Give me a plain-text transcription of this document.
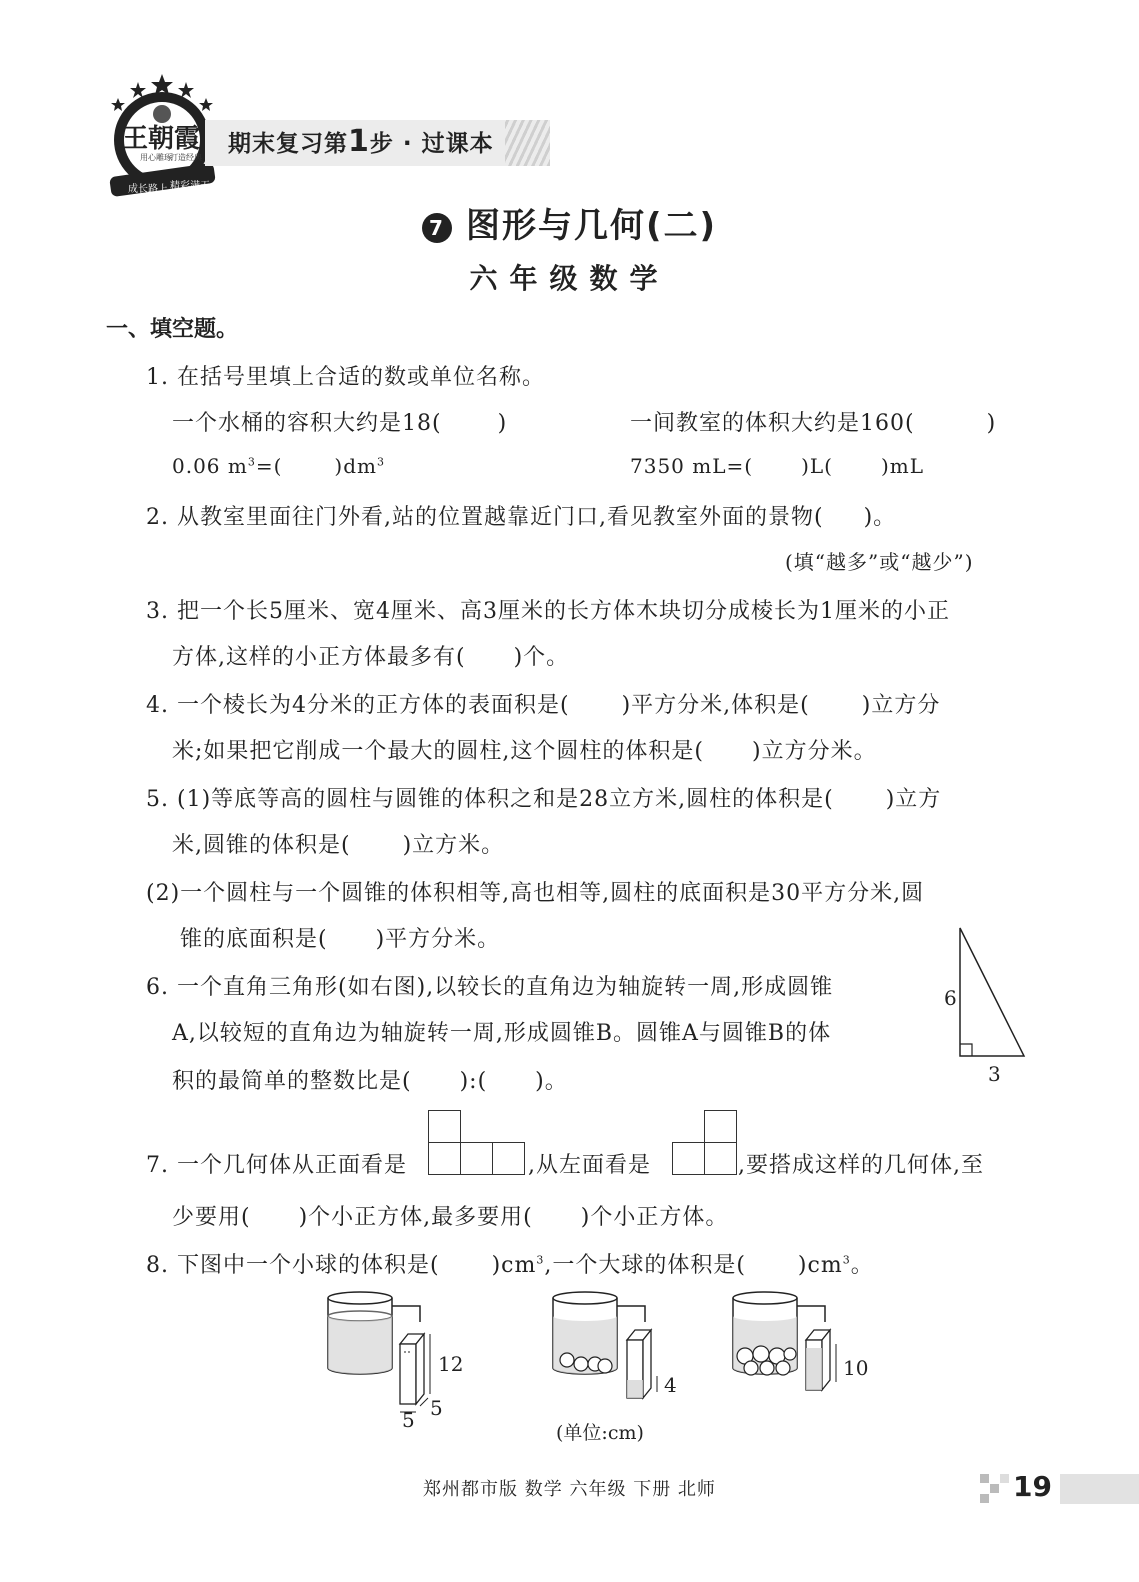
王朝霞
用心雕琢
打造经典
成长路上 精彩满天
期末复习第1步 · 过课本
7 图形与几何(二)
六年级数学
一、填空题。
1. 在括号里填上合适的数或单位名称。
一个水桶的容积大约是18(	)	一间教室的体积大约是160(	)
0.06 $m^3=$(	)$dm^3$	7350 mL=( )L( )mL
2. 从教室里面往门外看,站的位置越靠近门口,看见教室外面的景物( )。
(填“越多”或“越少”)
3. 把一个长5厘米、宽4厘米、高3厘米的长方体木块切分成棱长为1厘米的小正
方体,这样的小正方体最多有( )个。
4. 一个棱长为4分米的正方体的表面积是( )平方分米,体积是( )立方分
米;如果把它削成一个最大的圆柱,这个圆柱的体积是( )立方分米。
5. (1)等底等高的圆柱与圆锥的体积之和是28立方米,圆柱的体积是( )立方
米,圆锥的体积是( )立方米。
(2)一个圆柱与一个圆锥的体积相等,高也相等,圆柱的底面积是30平方分米,圆
锥的底面积是( )平方分米。
6. 一个直角三角形(如右图),以较长的直角边为轴旋转一周,形成圆锥
A,以较短的直角边为轴旋转一周,形成圆锥B。圆锥A与圆锥B的体
积的最简单的整数比是( ):( )。
6
3
7. 一个几何体从正面看是	,从左面看是	,要搭成这样的几何体,至
少要用( )个小正方体,最多要用( )个小正方体。
8. 下图中一个小球的体积是( )$cm^3$,一个大球的体积是( )$cm^3$。
12
5 5
4
10
(单位:cm)
郑州都市版 数学 六年级 下册 北师	19
